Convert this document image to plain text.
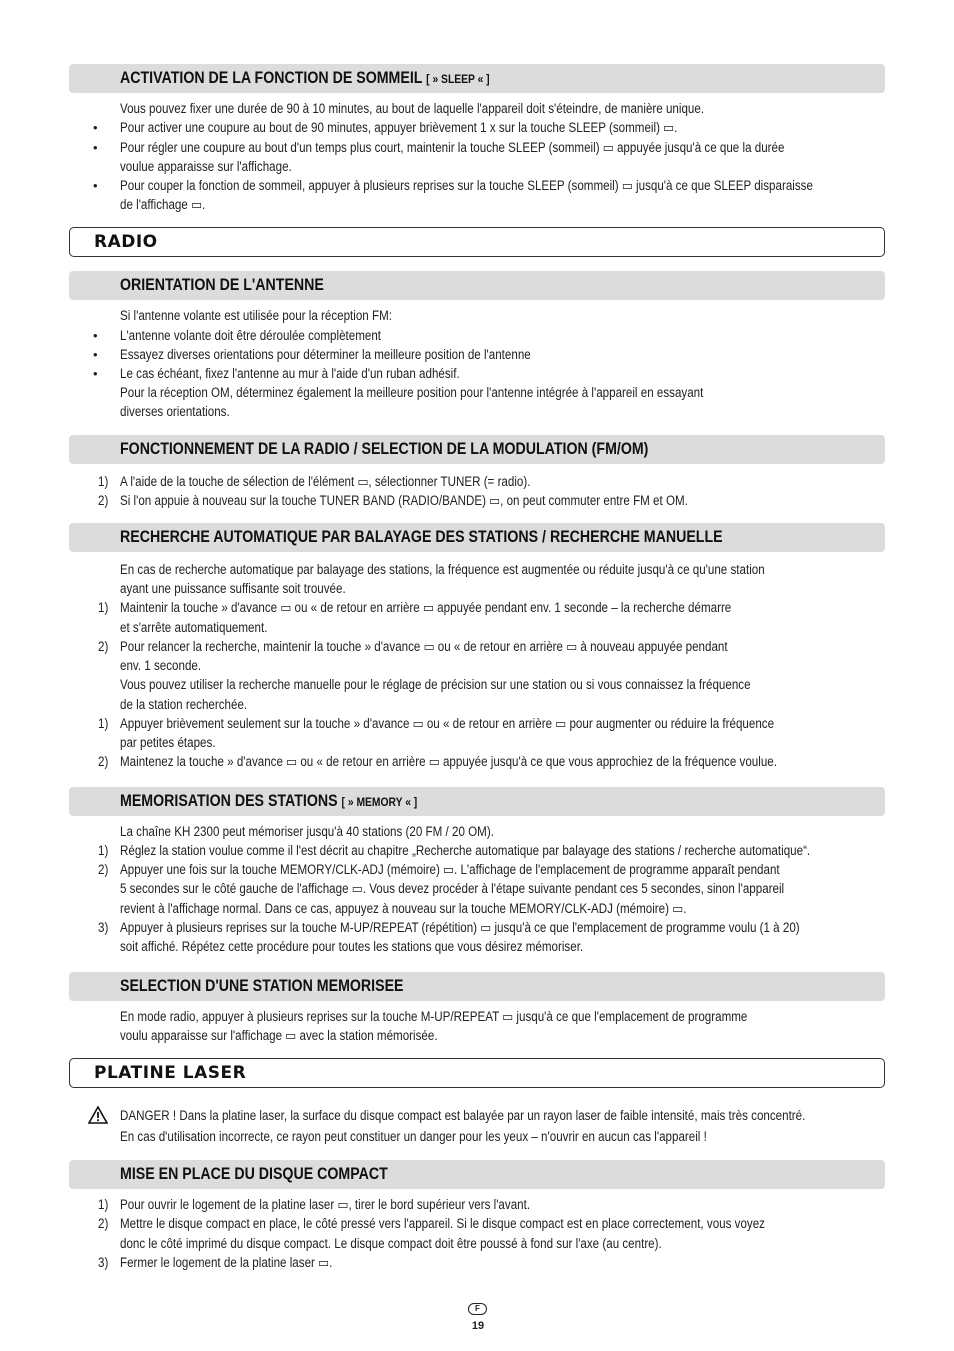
ACTIVATION DE LA FONCTION DE SOMMEIL [ » SLEEP « ]
Vous pouvez fixer une durée de 90 à 10 minutes, au bout de laquelle l'appareil doit s'éteindre, de manière unique.
• Pour activer une coupure au bout de 90 minutes, appuyer brièvement 1 x sur la touche SLEEP (sommeil) ▭.
• Pour régler une coupure au bout d'un temps plus court, maintenir la touche SLEEP (sommeil) ▭ appuyée jusqu'à ce que la durée
voulue apparaisse sur l'affichage.
• Pour couper la fonction de sommeil, appuyer à plusieurs reprises sur la touche SLEEP (sommeil) ▭ jusqu'à ce que SLEEP disparaisse
de l'affichage ▭.
RADIO
ORIENTATION DE L'ANTENNE
Si l'antenne volante est utilisée pour la réception FM:
• L'antenne volante doit être déroulée complètement
• Essayez diverses orientations pour déterminer la meilleure position de l'antenne
• Le cas échéant, fixez l'antenne au mur à l'aide d'un ruban adhésif.
Pour la réception OM, déterminez également la meilleure position pour l'antenne intégrée à l'appareil en essayant
diverses orientations.
FONCTIONNEMENT DE LA RADIO / SELECTION DE LA MODULATION (FM/OM)
1) A l'aide de la touche de sélection de l'élément ▭, sélectionner TUNER (= radio).
2) Si l'on appuie à nouveau sur la touche TUNER BAND (RADIO/BANDE) ▭, on peut commuter entre FM et OM.
RECHERCHE AUTOMATIQUE PAR BALAYAGE DES STATIONS / RECHERCHE MANUELLE
En cas de recherche automatique par balayage des stations, la fréquence est augmentée ou réduite jusqu'à ce qu'une station
ayant une puissance suffisante soit trouvée.
1) Maintenir la touche » d'avance ▭ ou « de retour en arrière ▭ appuyée pendant env. 1 seconde – la recherche démarre
et s'arrête automatiquement.
2) Pour relancer la recherche, maintenir la touche » d'avance ▭ ou « de retour en arrière ▭ à nouveau appuyée pendant
env. 1 seconde.
Vous pouvez utiliser la recherche manuelle pour le réglage de précision sur une station ou si vous connaissez la fréquence
de la station recherchée.
1) Appuyer brièvement seulement sur la touche » d'avance ▭ ou « de retour en arrière ▭ pour augmenter ou réduire la fréquence
par petites étapes.
2) Maintenez la touche » d'avance ▭ ou « de retour en arrière ▭ appuyée jusqu'à ce que vous approchiez de la fréquence voulue.
MEMORISATION DES STATIONS [ » MEMORY « ]
La chaîne KH 2300 peut mémoriser jusqu'à 40 stations (20 FM / 20 OM).
1) Réglez la station voulue comme il l'est décrit au chapitre „Recherche automatique par balayage des stations / recherche automatique“.
2) Appuyer une fois sur la touche MEMORY/CLK-ADJ (mémoire) ▭. L'affichage de l'emplacement de programme apparaît pendant
5 secondes sur le côté gauche de l'affichage ▭. Vous devez procéder à l'étape suivante pendant ces 5 secondes, sinon l'appareil
revient à l'affichage normal. Dans ce cas, appuyez à nouveau sur la touche MEMORY/CLK-ADJ (mémoire) ▭.
3) Appuyer à plusieurs reprises sur la touche M-UP/REPEAT (répétition) ▭ jusqu'à ce que l'emplacement de programme voulu (1 à 20)
soit affiché. Répétez cette procédure pour toutes les stations que vous désirez mémoriser.
SELECTION D'UNE STATION MEMORISEE
En mode radio, appuyer à plusieurs reprises sur la touche M-UP/REPEAT ▭ jusqu'à ce que l'emplacement de programme
voulu apparaisse sur l'affichage ▭ avec la station mémorisée.
PLATINE LASER
DANGER ! Dans la platine laser, la surface du disque compact est balayée par un rayon laser de faible intensité, mais très concentré.
En cas d'utilisation incorrecte, ce rayon peut constituer un danger pour les yeux – n'ouvrir en aucun cas l'appareil !
MISE EN PLACE DU DISQUE COMPACT
1) Pour ouvrir le logement de la platine laser ▭, tirer le bord supérieur vers l'avant.
2) Mettre le disque compact en place, le côté pressé vers l'appareil. Si le disque compact est en place correctement, vous voyez
donc le côté imprimé du disque compact. Le disque compact doit être poussé à fond sur l'axe (au centre).
3) Fermer le logement de la platine laser ▭.
F
19
